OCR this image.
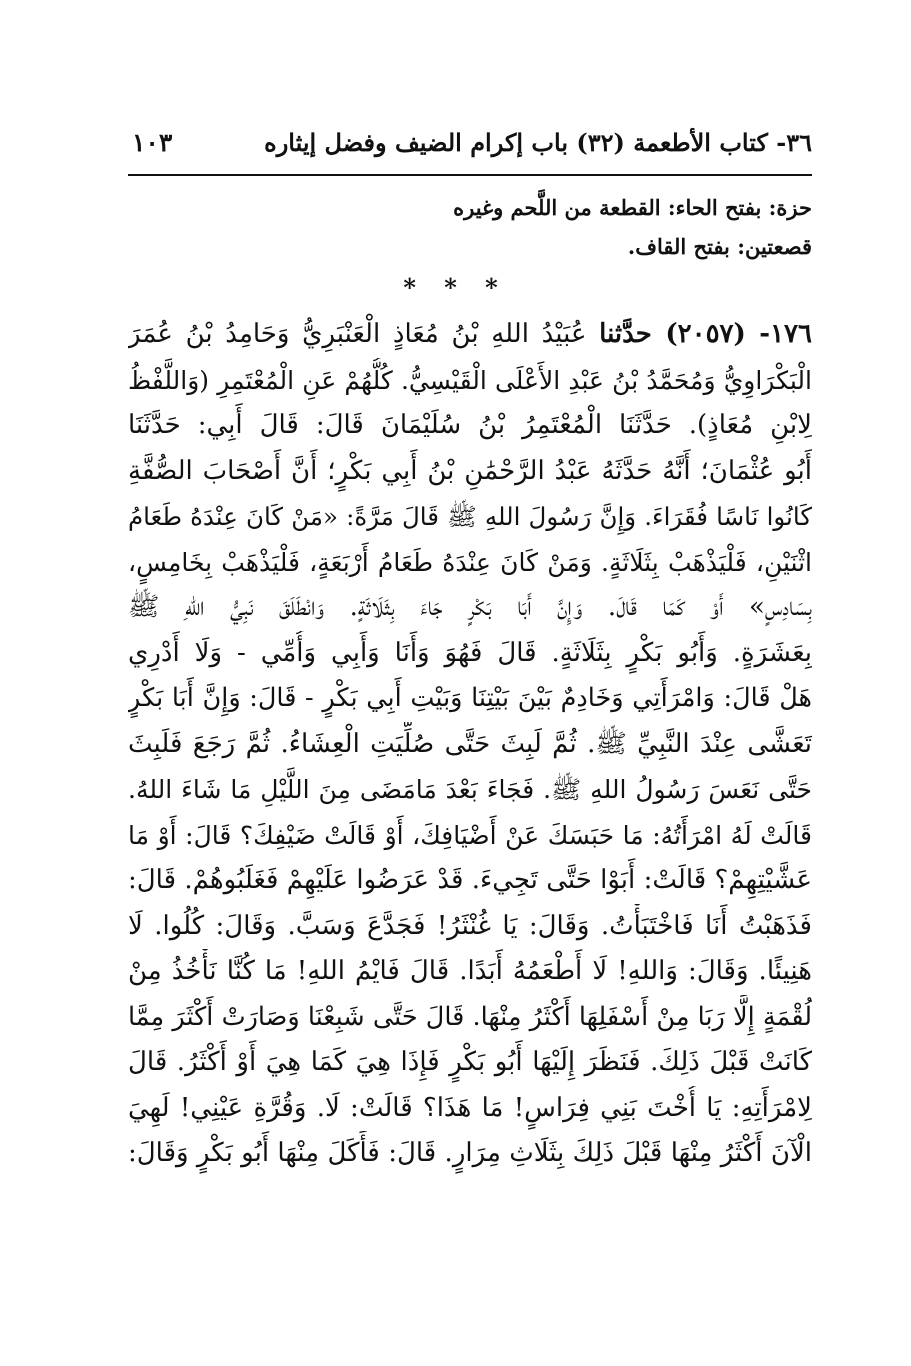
٣٦- كتاب الأطعمة (٣٢) باب إكرام الضيف وفضل إيثاره
١٠٣
حزة: بفتح الحاء: القطعة من اللَّحم وغيره
قصعتين: بفتح القاف.
* * *
١٧٦- (٢٠٥٧) حدَّثنا عُبَيْدُ اللهِ بْنُ مُعَاذٍ الْعَنْبَرِيُّ وَحَامِدُ بْنُ عُمَرَ
الْبَكْرَاوِيُّ وَمُحَمَّدُ بْنُ عَبْدِ الأَعْلَى الْقَيْسِيُّ. كُلُّهُمْ عَنِ الْمُعْتَمِرِ (وَاللَّفْظُ
لِابْنِ مُعَاذٍ). حَدَّثَنَا الْمُعْتَمِرُ بْنُ سُلَيْمَانَ قَالَ: قَالَ أَبِي: حَدَّثَنَا
أَبُو عُثْمَانَ؛ أَنَّهُ حَدَّثَهُ عَبْدُ الرَّحْمَٰنِ بْنُ أَبِي بَكْرٍ؛ أَنَّ أَصْحَابَ الصُّفَّةِ
كَانُوا نَاسًا فُقَرَاءَ. وَإِنَّ رَسُولَ اللهِ ﷺ قَالَ مَرَّةً: «مَنْ كَانَ عِنْدَهُ طَعَامُ
اثْنَيْنِ، فَلْيَذْهَبْ بِثَلَاثَةٍ. وَمَنْ كَانَ عِنْدَهُ طَعَامُ أَرْبَعَةٍ، فَلْيَذْهَبْ بِخَامِسٍ،
بِسَادِسٍ» أَوْ كَمَا قَالَ. وَإِنَّ أَبَا بَكْرٍ جَاءَ بِثَلَاثَةٍ. وَانْطَلَقَ نَبِيُّ اللهِ ﷺ
بِعَشَرَةٍ. وَأَبُو بَكْرٍ بِثَلَاثَةٍ. قَالَ فَهُوَ وَأَنَا وَأَبِي وَأُمِّي - وَلَا أَدْرِي
هَلْ قَالَ: وَامْرَأَتِي وَخَادِمٌ بَيْنَ بَيْتِنَا وَبَيْتِ أَبِي بَكْرٍ - قَالَ: وَإِنَّ أَبَا بَكْرٍ
تَعَشَّى عِنْدَ النَّبِيِّ ﷺ. ثُمَّ لَبِثَ حَتَّى صُلِّيَتِ الْعِشَاءُ. ثُمَّ رَجَعَ فَلَبِثَ
حَتَّى نَعَسَ رَسُولُ اللهِ ﷺ. فَجَاءَ بَعْدَ مَامَضَى مِنَ اللَّيْلِ مَا شَاءَ اللهُ.
قَالَتْ لَهُ امْرَأَتُهُ: مَا حَبَسَكَ عَنْ أَضْيَافِكَ، أَوْ قَالَتْ ضَيْفِكَ؟ قَالَ: أَوْ مَا
عَشَّيْتِهِمْ؟ قَالَتْ: أَبَوْا حَتَّى تَجِيءَ. قَدْ عَرَضُوا عَلَيْهِمْ فَغَلَبُوهُمْ. قَالَ:
فَذَهَبْتُ أَنَا فَاخْتَبَأْتُ. وَقَالَ: يَا غُنْثَرُ! فَجَدَّعَ وَسَبَّ. وَقَالَ: كُلُوا. لَا
هَنِيئًا. وَقَالَ: وَاللهِ! لَا أَطْعَمُهُ أَبَدًا. قَالَ فَايْمُ اللهِ! مَا كُنَّا نَأْخُذُ مِنْ
لُقْمَةٍ إِلَّا رَبَا مِنْ أَسْفَلِهَا أَكْثَرُ مِنْهَا. قَالَ حَتَّى شَبِعْنَا وَصَارَتْ أَكْثَرَ مِمَّا
كَانَتْ قَبْلَ ذَلِكَ. فَنَظَرَ إِلَيْهَا أَبُو بَكْرٍ فَإِذَا هِيَ كَمَا هِيَ أَوْ أَكْثَرُ. قَالَ
لِامْرَأَتِهِ: يَا أُخْتَ بَنِي فِرَاسٍ! مَا هَذَا؟ قَالَتْ: لَا. وَقُرَّةِ عَيْنِي! لَهِيَ
الْآنَ أَكْثَرُ مِنْهَا قَبْلَ ذَلِكَ بِثَلَاثِ مِرَارٍ. قَالَ: فَأَكَلَ مِنْهَا أَبُو بَكْرٍ وَقَالَ:
